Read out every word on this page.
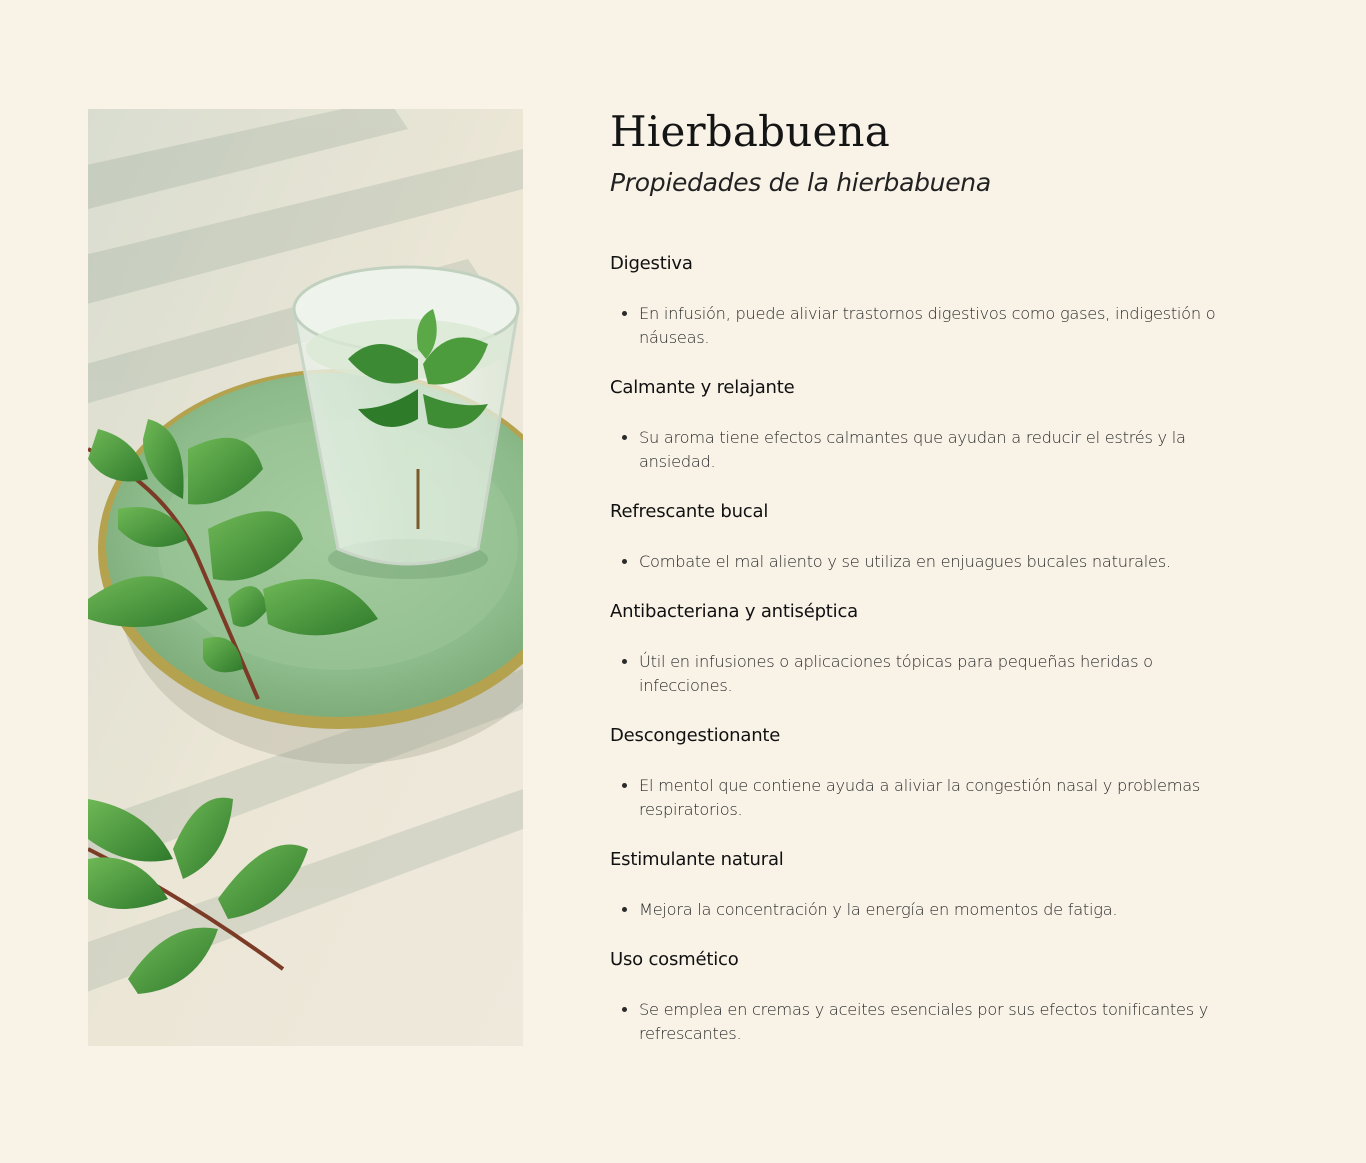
Hierbabuena
Propiedades de la hierbabuena
Digestiva
• En infusión, puede aliviar trastornos digestivos como gases, indigestión o náuseas.
Calmante y relajante
• Su aroma tiene efectos calmantes que ayudan a reducir el estrés y la ansiedad.
Refrescante bucal
• Combate el mal aliento y se utiliza en enjuagues bucales naturales.
Antibacteriana y antiséptica
• Útil en infusiones o aplicaciones tópicas para pequeñas heridas o infecciones.
Descongestionante
• El mentol que contiene ayuda a aliviar la congestión nasal y problemas respiratorios.
Estimulante natural
• Mejora la concentración y la energía en momentos de fatiga.
Uso cosmético
• Se emplea en cremas y aceites esenciales por sus efectos tonificantes y refrescantes.
